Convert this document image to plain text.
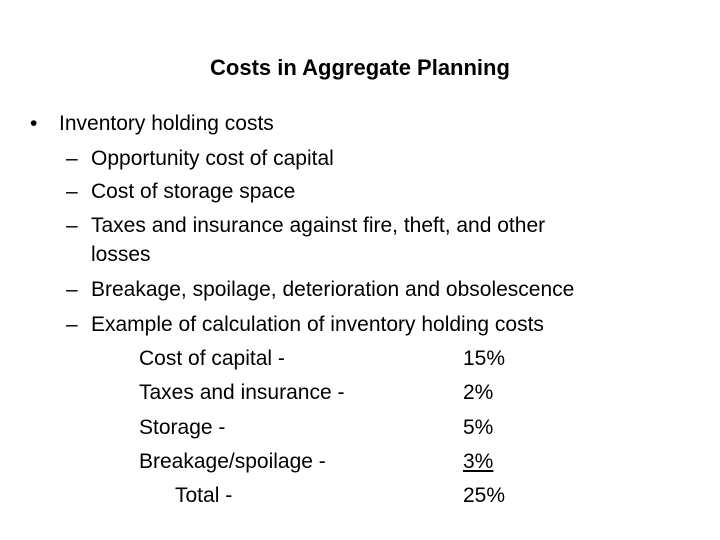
Costs in Aggregate Planning
• Inventory holding costs
– Opportunity cost of capital
– Cost of storage space
– Taxes and insurance against fire, theft, and other
losses
– Breakage, spoilage, deterioration and obsolescence
– Example of calculation of inventory holding costs
Cost of capital -	15%
Taxes and insurance -	2%
Storage -	5%
Breakage/spoilage -	3%
Total -	25%
